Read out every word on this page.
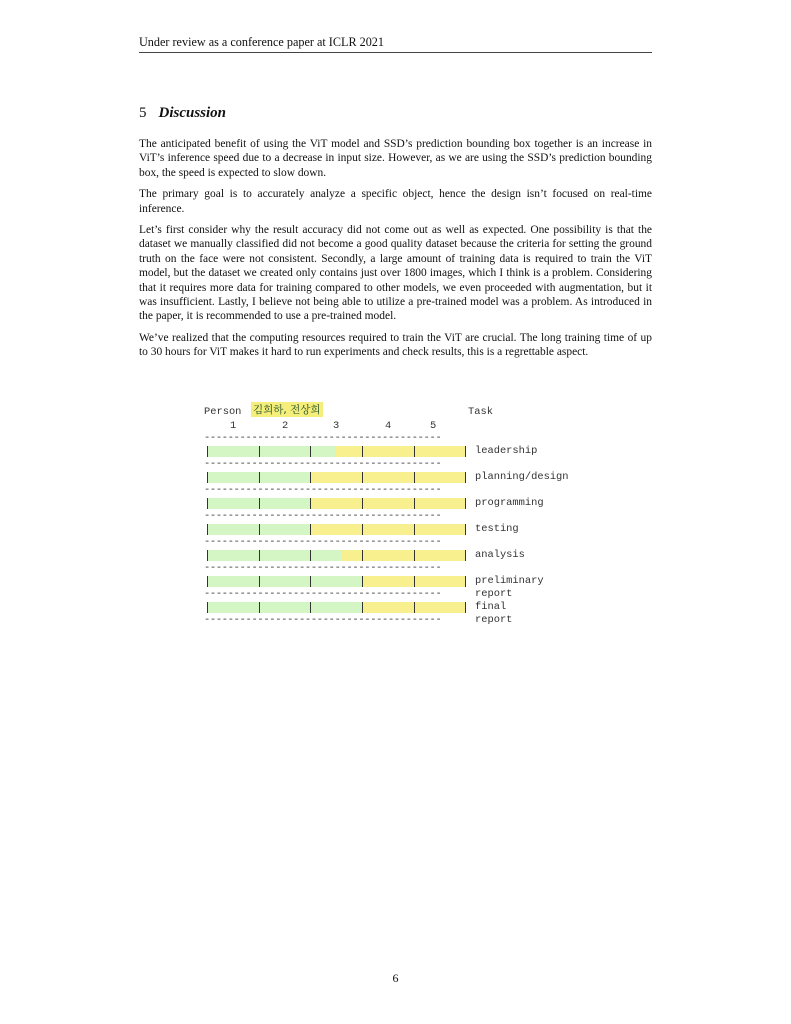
Under review as a conference paper at ICLR 2021
5 Discussion

The anticipated benefit of using the ViT model and SSD’s prediction bounding box together is an increase in ViT’s inference speed due to a decrease in input size. However, as we are using the SSD’s prediction bounding box, the speed is expected to slow down.

The primary goal is to accurately analyze a specific object, hence the design isn’t focused on real-time inference.

Let’s first consider why the result accuracy did not come out as well as expected. One possibility is that the dataset we manually classified did not become a good quality dataset because the criteria for setting the ground truth on the face were not consistent. Secondly, a large amount of training data is required to train the ViT model, but the dataset we created only contains just over 1800 images, which I think is a problem. Considering that it requires more data for training compared to other models, we even proceeded with augmentation, but it was insufficient. Lastly, I believe not being able to utilize a pre-trained model was a problem. As introduced in the paper, it is recommended to use a pre-trained model.

We’ve realized that the computing resources required to train the ViT are crucial. The long training time of up to 30 hours for ViT makes it hard to run experiments and check results, this is a regrettable aspect.

Person 김희하, 전상희	Task
1	2	3	4	5
----------------------------------------
leadership
----------------------------------------
planning/design
----------------------------------------
programming
----------------------------------------
testing
----------------------------------------
analysis
----------------------------------------
preliminary report
----------------------------------------
final report
----------------------------------------
6
